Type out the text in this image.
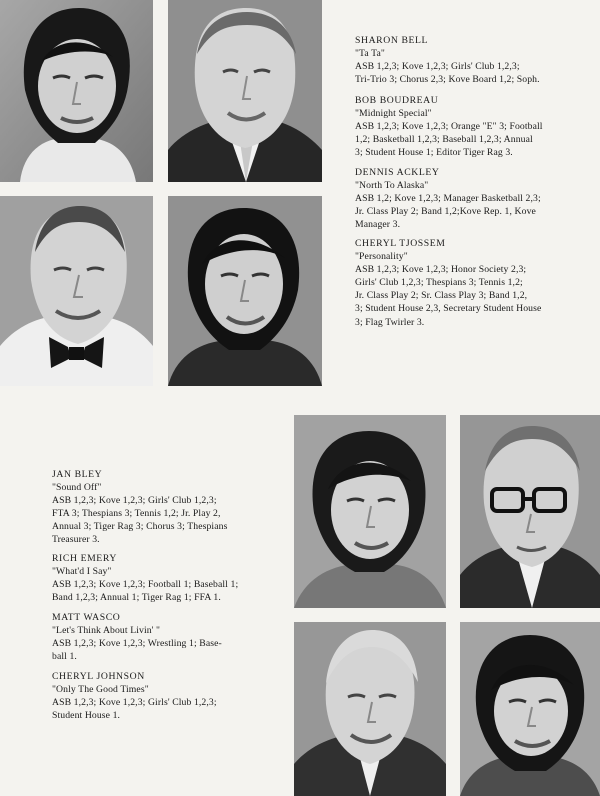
SHARON BELL
"Ta Ta"
ASB 1,2,3; Kove 1,2,3; Girls' Club 1,2,3;
Tri-Trio 3; Chorus 2,3; Kove Board 1,2; Soph.
BOB BOUDREAU
"Midnight Special"
ASB 1,2,3; Kove 1,2,3; Orange "E" 3; Football
1,2; Basketball 1,2,3; Baseball 1,2,3; Annual
3; Student House 1; Editor Tiger Rag 3.
DENNIS ACKLEY
"North To Alaska"
ASB 1,2; Kove 1,2,3; Manager Basketball 2,3;
Jr. Class Play 2; Band 1,2;Kove Rep. 1, Kove
Manager 3.
CHERYL TJOSSEM
"Personality"
ASB 1,2,3; Kove 1,2,3; Honor Society 2,3;
Girls' Club 1,2,3; Thespians 3; Tennis 1,2;
Jr. Class Play 2; Sr. Class Play 3; Band 1,2,
3; Student House 2,3, Secretary Student House
3; Flag Twirler 3.
JAN BLEY
"Sound Off"
ASB 1,2,3; Kove 1,2,3; Girls' Club 1,2,3;
FTA 3; Thespians 3; Tennis 1,2; Jr. Play 2,
Annual 3; Tiger Rag 3; Chorus 3; Thespians
Treasurer 3.
RICH EMERY
"What'd I Say"
ASB 1,2,3; Kove 1,2,3; Football 1; Baseball 1;
Band 1,2,3; Annual 1; Tiger Rag 1; FFA 1.
MATT WASCO
"Let's Think About Livin' "
ASB 1,2,3; Kove 1,2,3; Wrestling 1; Base-
ball 1.
CHERYL JOHNSON
"Only The Good Times"
ASB 1,2,3; Kove 1,2,3; Girls' Club 1,2,3;
Student House 1.
